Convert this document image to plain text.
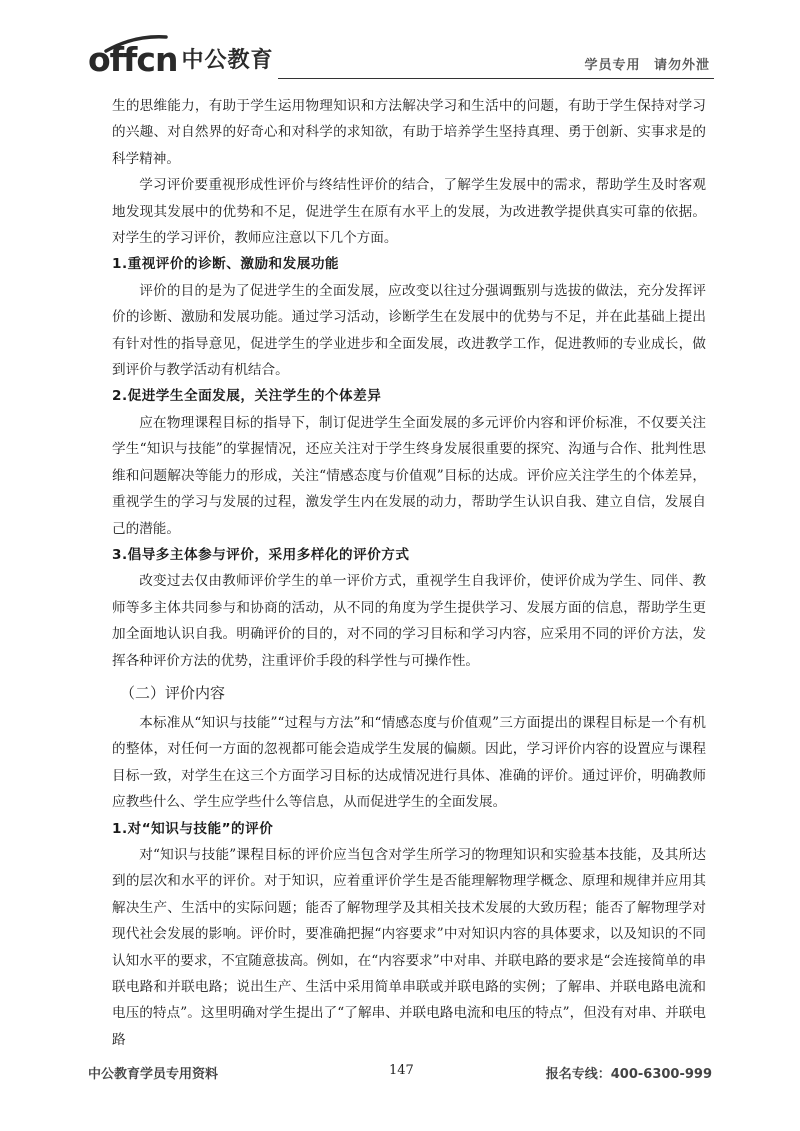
offcn 中公教育	学员专用 请勿外泄

生的思维能力，有助于学生运用物理知识和方法解决学习和生活中的问题，有助于学生保持对学习的兴趣、对自然界的好奇心和对科学的求知欲，有助于培养学生坚持真理、勇于创新、实事求是的科学精神。

学习评价要重视形成性评价与终结性评价的结合，了解学生发展中的需求，帮助学生及时客观地发现其发展中的优势和不足，促进学生在原有水平上的发展，为改进教学提供真实可靠的依据。对学生的学习评价，教师应注意以下几个方面。

1.重视评价的诊断、激励和发展功能

评价的目的是为了促进学生的全面发展，应改变以往过分强调甄别与选拔的做法，充分发挥评价的诊断、激励和发展功能。通过学习活动，诊断学生在发展中的优势与不足，并在此基础上提出有针对性的指导意见，促进学生的学业进步和全面发展，改进教学工作，促进教师的专业成长，做到评价与教学活动有机结合。

2.促进学生全面发展，关注学生的个体差异

应在物理课程目标的指导下，制订促进学生全面发展的多元评价内容和评价标准，不仅要关注学生“知识与技能”的掌握情况，还应关注对于学生终身发展很重要的探究、沟通与合作、批判性思维和问题解决等能力的形成，关注“情感态度与价值观”目标的达成。评价应关注学生的个体差异，重视学生的学习与发展的过程，激发学生内在发展的动力，帮助学生认识自我、建立自信，发展自己的潜能。

3.倡导多主体参与评价，采用多样化的评价方式

改变过去仅由教师评价学生的单一评价方式，重视学生自我评价，使评价成为学生、同伴、教师等多主体共同参与和协商的活动，从不同的角度为学生提供学习、发展方面的信息，帮助学生更加全面地认识自我。明确评价的目的，对不同的学习目标和学习内容，应采用不同的评价方法，发挥各种评价方法的优势，注重评价手段的科学性与可操作性。

（二）评价内容

本标准从“知识与技能”“过程与方法”和“情感态度与价值观”三方面提出的课程目标是一个有机的整体，对任何一方面的忽视都可能会造成学生发展的偏颇。因此，学习评价内容的设置应与课程目标一致，对学生在这三个方面学习目标的达成情况进行具体、准确的评价。通过评价，明确教师应教些什么、学生应学些什么等信息，从而促进学生的全面发展。

1.对“知识与技能”的评价

对“知识与技能”课程目标的评价应当包含对学生所学习的物理知识和实验基本技能，及其所达到的层次和水平的评价。对于知识，应着重评价学生是否能理解物理学概念、原理和规律并应用其解决生产、生活中的实际问题；能否了解物理学及其相关技术发展的大致历程；能否了解物理学对现代社会发展的影响。评价时，要准确把握“内容要求”中对知识内容的具体要求，以及知识的不同认知水平的要求，不宜随意拔高。例如，在“内容要求”中对串、并联电路的要求是“会连接简单的串联电路和并联电路；说出生产、生活中采用简单串联或并联电路的实例；了解串、并联电路电流和电压的特点”。这里明确对学生提出了“了解串、并联电路电流和电压的特点”，但没有对串、并联电路

中公教育学员专用资料	147	报名专线：400-6300-999
